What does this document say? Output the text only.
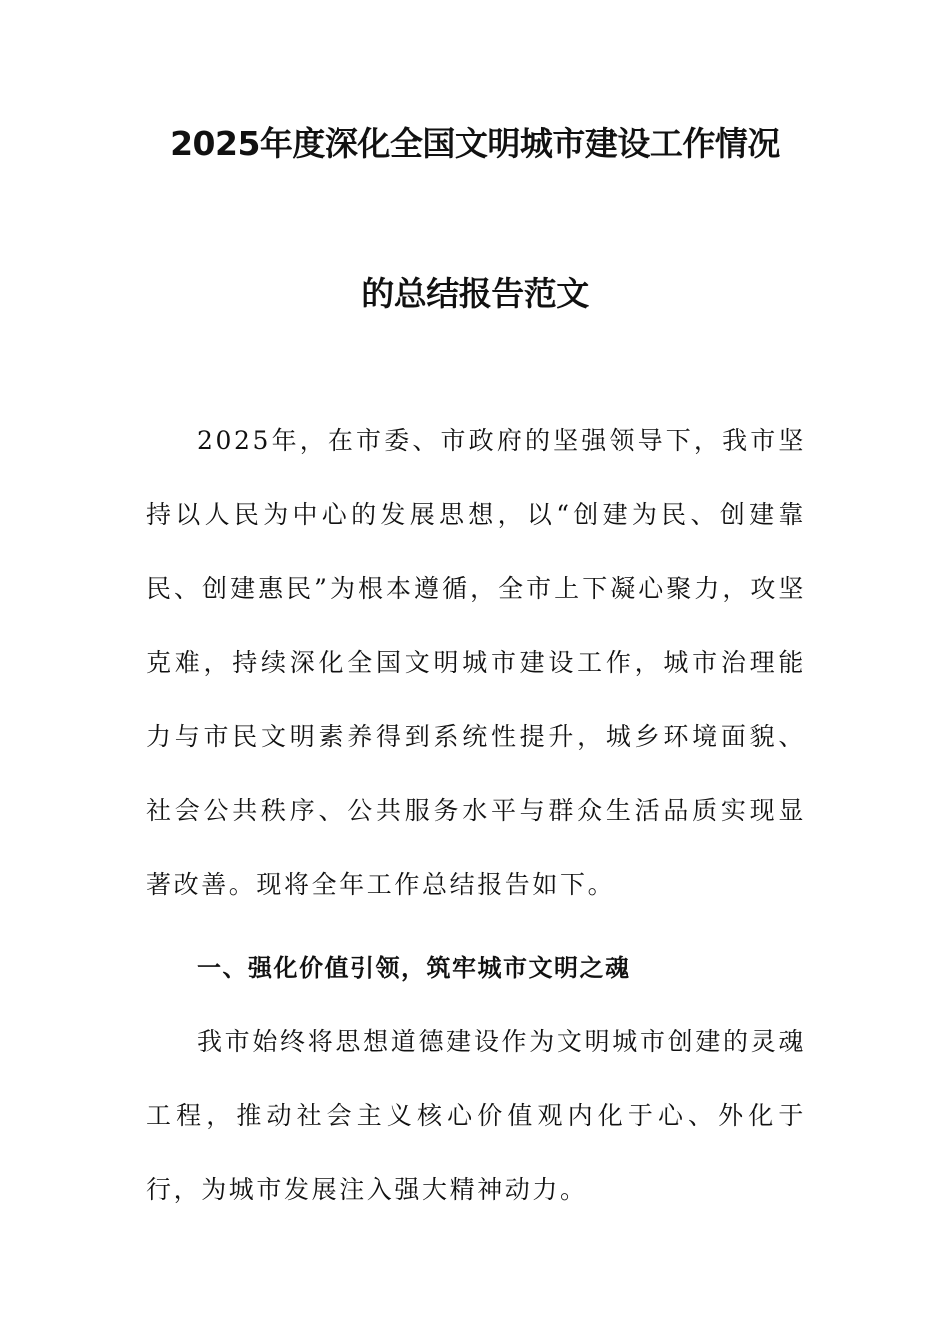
2025年度深化全国文明城市建设工作情况
的总结报告范文

2025年，在市委、市政府的坚强领导下，我市坚持以人民为中心的发展思想，以“创建为民、创建靠民、创建惠民”为根本遵循，全市上下凝心聚力，攻坚克难，持续深化全国文明城市建设工作，城市治理能力与市民文明素养得到系统性提升，城乡环境面貌、社会公共秩序、公共服务水平与群众生活品质实现显著改善。现将全年工作总结报告如下。

一、强化价值引领，筑牢城市文明之魂

我市始终将思想道德建设作为文明城市创建的灵魂工程，推动社会主义核心价值观内化于心、外化于行，为城市发展注入强大精神动力。
